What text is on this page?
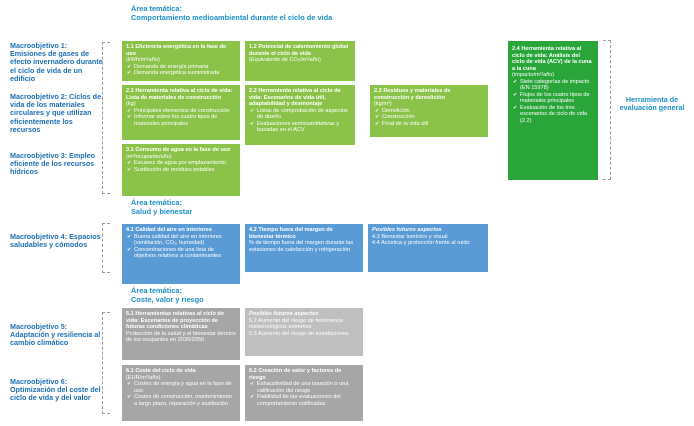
Área temática:
Comportamiento medioambiental durante el ciclo de vida
Área temática:
Salud y bienestar
Área temática:
Coste, valor y riesgo
Macroobjetivo 1: Emisiones de gases de efecto invernadero durante el ciclo de vida de un edificio
Macroobjetivo 2: Ciclos de vida de los materiales circulares y que utilizan eficientemente los recursos
Macroobjetivo 3: Empleo eficiente de los recursos hídricos
Macroobjetivo 4: Espacios saludables y cómodos
Macroobjetivo 5: Adaptación y resiliencia al cambio climático
Macroobjetivo 6: Optimización del coste del ciclo de vida y del valor
Herramienta de evaluación general
1.1 Eficiencia energética en la fase de uso
(kWh/m²/año)
✔ Demanda de energía primaria
✔ Demanda energética suministrada
1.2 Potencial de calentamiento global durante el ciclo de vida
(Equivalente de CO₂/m²/año)
2.1 Herramienta relativa al ciclo de vida: Lista de materiales de construcción
(kg)
✔ Principales elementos de construcción
✔ Informar sobre los cuatro tipos de materiales principales
2.2 Herramienta relativa al ciclo de vida: Escenarios de vida útil, adaptabilidad y desmontaje
✔ Listas de comprobación de aspectos de diseño
✔ Evaluaciones semicuantitativas y basadas en el ACV
2.3 Residuos y materiales de construcción y demolición
(kg/m²)
✔ Demolición
✔ Construcción
✔ Final de la vida útil
2.4 Herramienta relativa al ciclo de vida: Análisis del ciclo de vida (ACV) de la cuna a la cuna
(impacto/m²/año)
✔ Siete categorías de impacto (EN 15978)
✔ Flujos de los cuatro tipos de materiales principales
✔ Evaluación de los tres escenarios de ciclo de vida (2.2)
3.1 Consumo de agua en la fase de uso
(m³/ocupante/año)
✔ Escasez de agua por emplazamiento
✔ Sustitución de residuos potables
4.1 Calidad del aire en interiores
✔ Buena calidad del aire en interiores (ventilación, CO₂, humedad)
✔ Concentraciones de una lista de objetivos relativos a contaminantes
4.2 Tiempo fuera del margen de bienestar térmico
% de tiempo fuera del margen durante las estaciones de calefacción y refrigeración
Posibles futuros aspectos
4.3 Bienestar lumínico y visual
4.4 Acústica y protección frente al ruido
5.1 Herramientas relativas al ciclo de vida: Escenarios de proyección de futuras condiciones climáticas
Protección de la salud y el bienestar térmico de los ocupantes en 2030/2050
Posibles futuros aspectos
5.2 Aumento del riesgo de fenómenos meteorológicos extremos
5.3 Aumento del riesgo de inundaciones
6.1 Coste del ciclo de vida
(EUR/m²/año)
✔ Costes de energía y agua en la fase de uso
✔ Costes de construcción, mantenimiento a largo plazo, reparación y sustitución
6.2 Creación de valor y factores de riesgo
✔ Exhaustividad de una tasación o una calificación del riesgo
✔ Fiabilidad de las evaluaciones del comportamiento notificadas
